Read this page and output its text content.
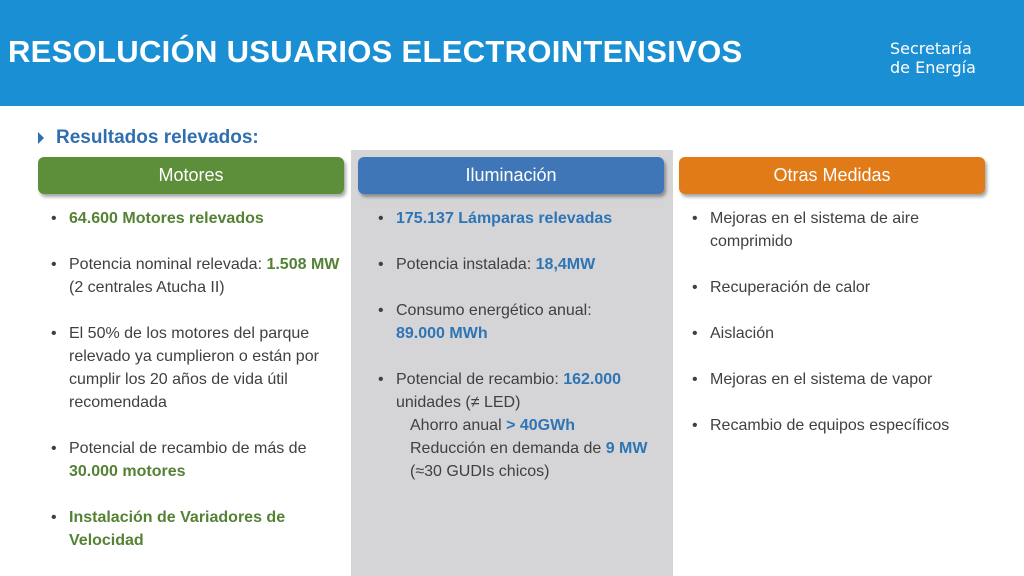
RESOLUCIÓN USUARIOS ELECTROINTENSIVOS	Secretaría
de Energía
Resultados relevados:
Motores	Iluminación	Otras Medidas
• 64.600 Motores relevados
• Potencia nominal relevada: 1.508 MW
(2 centrales Atucha II)
• El 50% de los motores del parque relevado ya cumplieron o están por cumplir los 20 años de vida útil recomendada
• Potencial de recambio de más de 30.000 motores
• Instalación de Variadores de Velocidad
• 175.137 Lámparas relevadas
• Potencia instalada: 18,4MW
• Consumo energético anual:
89.000 MWh
• Potencial de recambio: 162.000 unidades (≠ LED)
Ahorro anual > 40GWh
Reducción en demanda de 9 MW (≈30 GUDIs chicos)
• Mejoras en el sistema de aire comprimido
• Recuperación de calor
• Aislación
• Mejoras en el sistema de vapor
• Recambio de equipos específicos
